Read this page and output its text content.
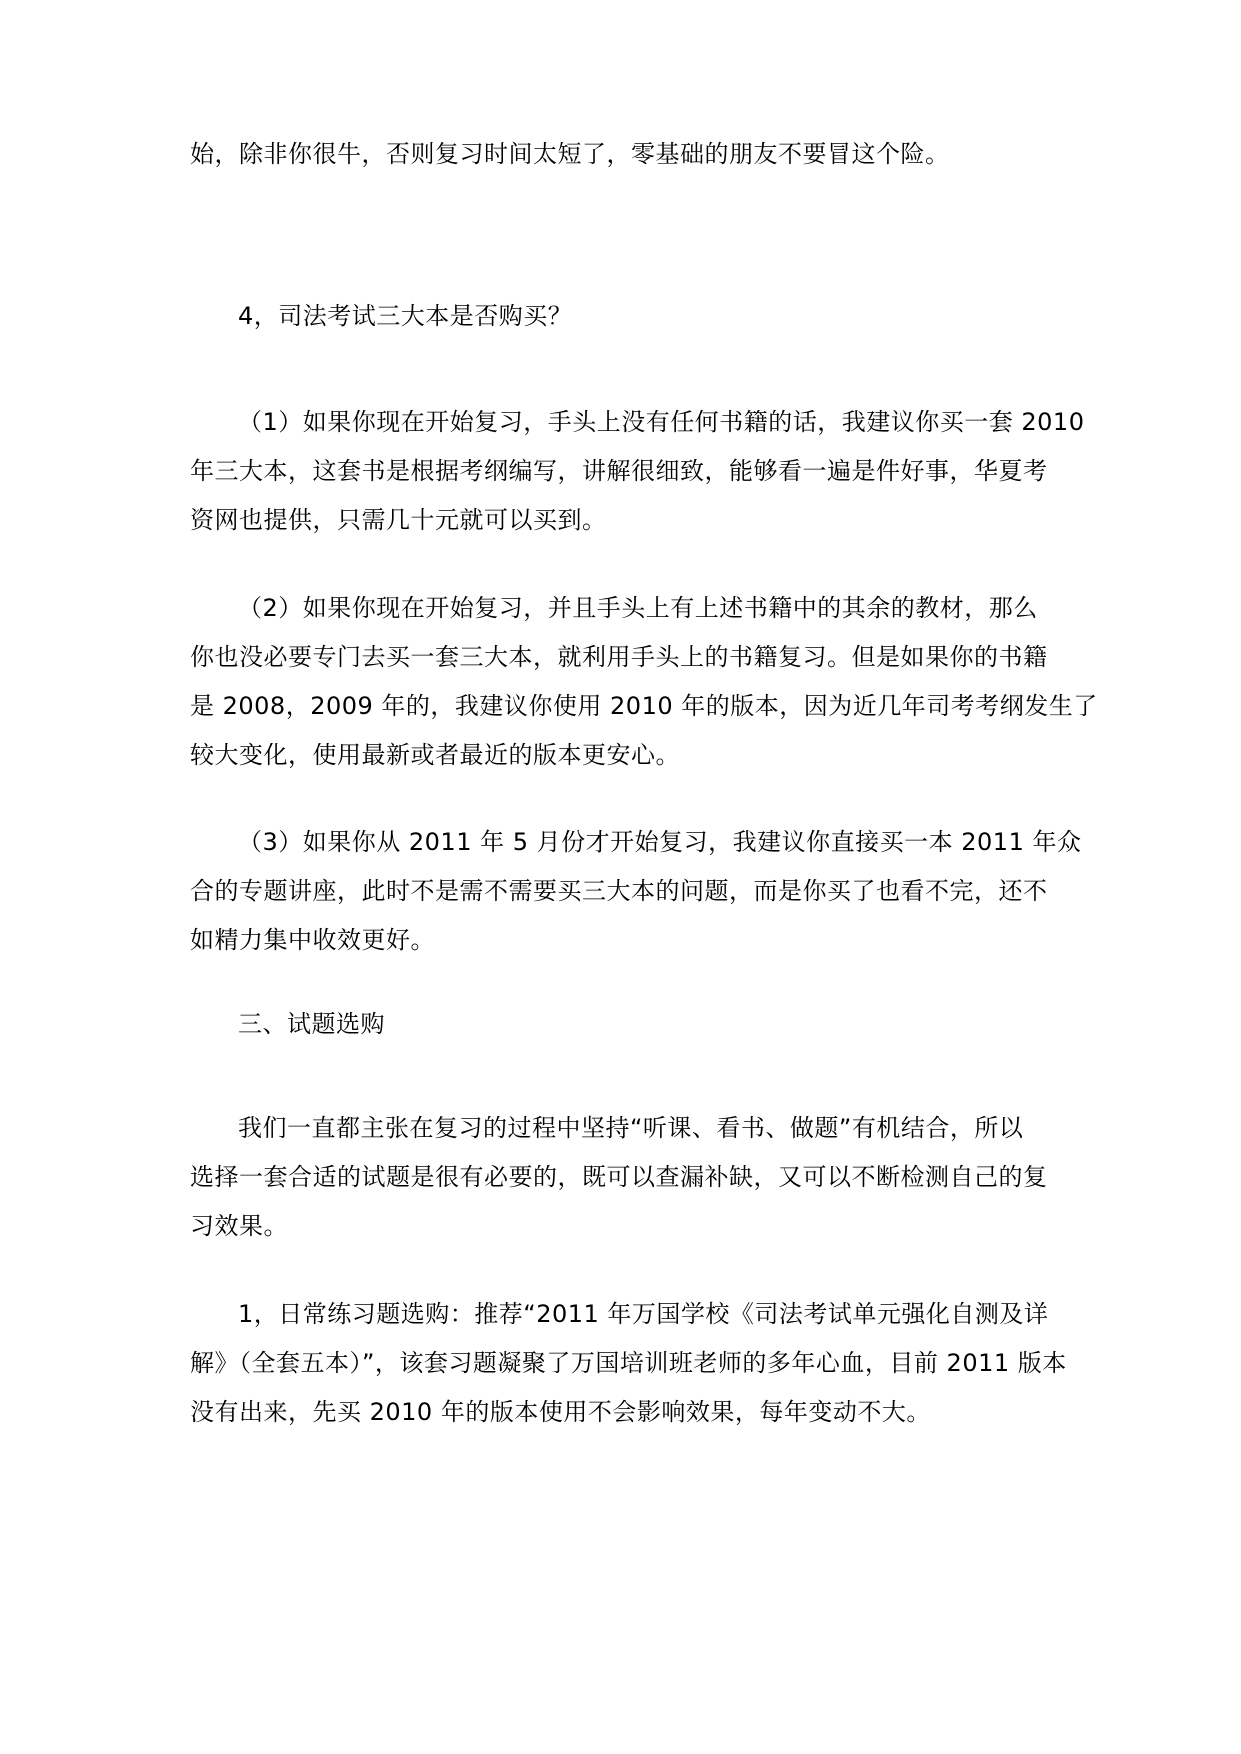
始，除非你很牛，否则复习时间太短了，零基础的朋友不要冒这个险。
4，司法考试三大本是否购买？
（1）如果你现在开始复习，手头上没有任何书籍的话，我建议你买一套 2010
年三大本，这套书是根据考纲编写，讲解很细致，能够看一遍是件好事，华夏考
资网也提供，只需几十元就可以买到。
（2）如果你现在开始复习，并且手头上有上述书籍中的其余的教材，那么
你也没必要专门去买一套三大本，就利用手头上的书籍复习。但是如果你的书籍
是 2008，2009 年的，我建议你使用 2010 年的版本，因为近几年司考考纲发生了
较大变化，使用最新或者最近的版本更安心。
（3）如果你从 2011 年 5 月份才开始复习，我建议你直接买一本 2011 年众
合的专题讲座，此时不是需不需要买三大本的问题，而是你买了也看不完，还不
如精力集中收效更好。
三、试题选购
我们一直都主张在复习的过程中坚持“听课、看书、做题”有机结合，所以
选择一套合适的试题是很有必要的，既可以查漏补缺，又可以不断检测自己的复
习效果。
1，日常练习题选购：推荐“2011 年万国学校《司法考试单元强化自测及详
解》（全套五本）”，该套习题凝聚了万国培训班老师的多年心血，目前 2011 版本
没有出来，先买 2010 年的版本使用不会影响效果，每年变动不大。
